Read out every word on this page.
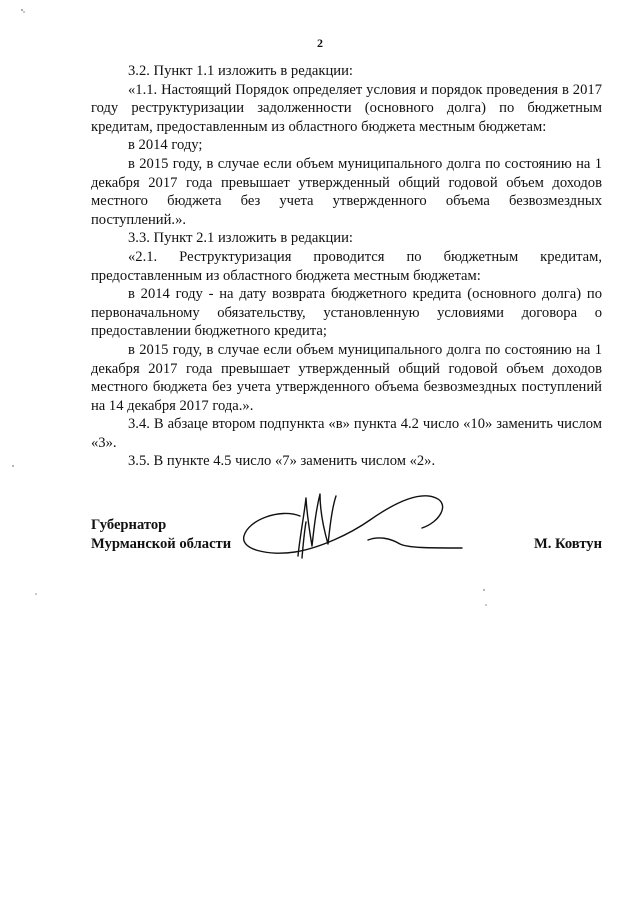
2

3.2. Пункт 1.1 изложить в редакции:

«1.1. Настоящий Порядок определяет условия и порядок проведения в 2017 году реструктуризации задолженности (основного долга) по бюджетным кредитам, предоставленным из областного бюджета местным бюджетам:

в 2014 году;

в 2015 году, в случае если объем муниципального долга по состоянию на 1 декабря 2017 года превышает утвержденный общий годовой объем доходов местного бюджета без учета утвержденного объема безвозмездных поступлений.».

3.3. Пункт 2.1 изложить в редакции:

«2.1. Реструктуризация проводится по бюджетным кредитам, предоставленным из областного бюджета местным бюджетам:

в 2014 году - на дату возврата бюджетного кредита (основного долга) по первоначальному обязательству, установленную условиями договора о предоставлении бюджетного кредита;

в 2015 году, в случае если объем муниципального долга по состоянию на 1 декабря 2017 года превышает утвержденный общий годовой объем доходов местного бюджета без учета утвержденного объема безвозмездных поступлений на 14 декабря 2017 года.».

3.4. В абзаце втором подпункта «в» пункта 4.2 число «10» заменить числом «3».

3.5. В пункте 4.5 число «7» заменить числом «2».

Губернатор
Мурманской области	М. Ковтун
